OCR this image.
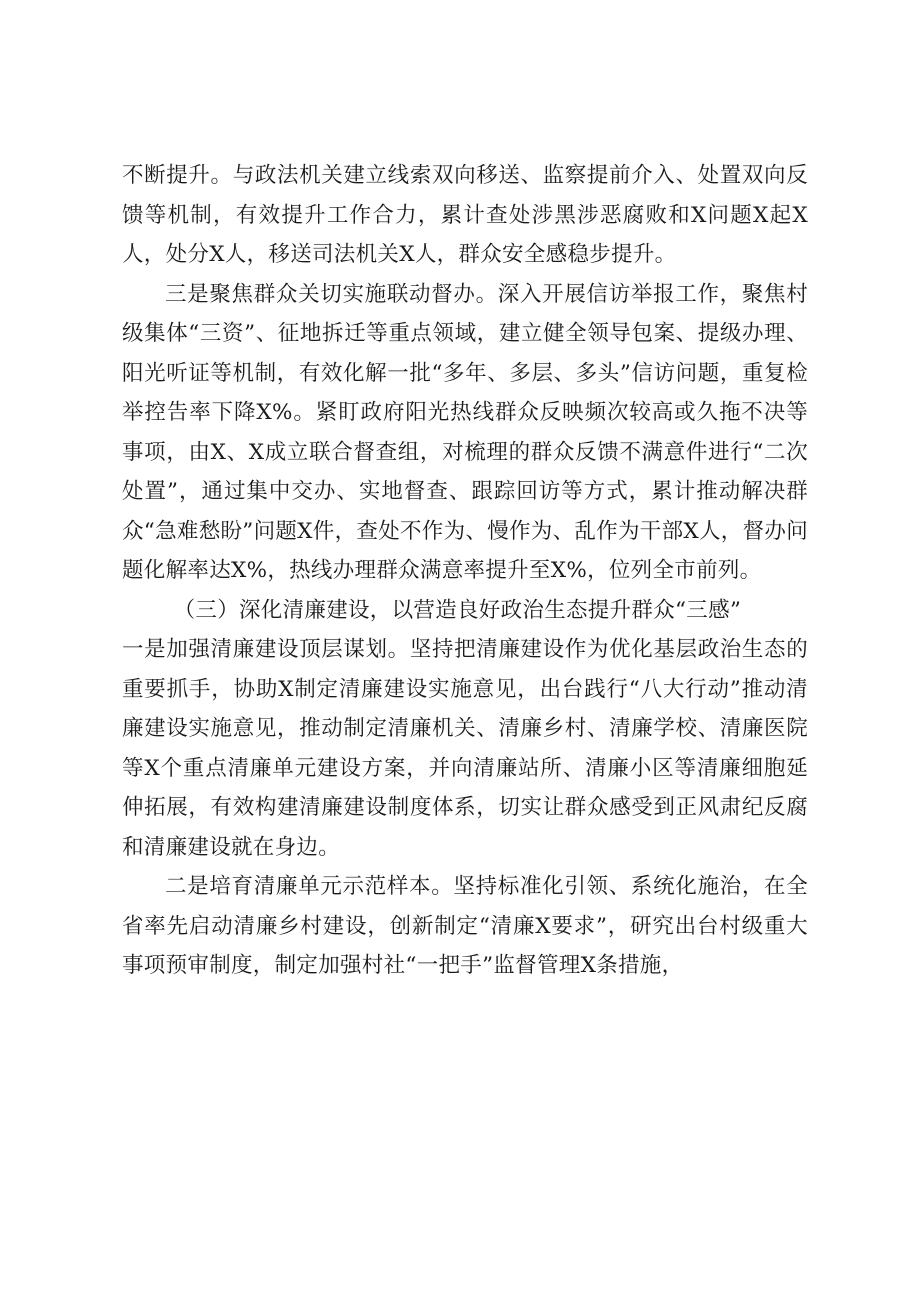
不断提升。与政法机关建立线索双向移送、监察提前介入、处置双向反馈等机制，有效提升工作合力，累计查处涉黑涉恶腐败和X问题X起X人，处分X人，移送司法机关X人，群众安全感稳步提升。

三是聚焦群众关切实施联动督办。深入开展信访举报工作，聚焦村级集体“三资”、征地拆迁等重点领域，建立健全领导包案、提级办理、阳光听证等机制，有效化解一批“多年、多层、多头”信访问题，重复检举控告率下降X%。紧盯政府阳光热线群众反映频次较高或久拖不决等事项，由X、X成立联合督查组，对梳理的群众反馈不满意件进行“二次处置”，通过集中交办、实地督查、跟踪回访等方式，累计推动解决群众“急难愁盼”问题X件，查处不作为、慢作为、乱作为干部X人，督办问题化解率达X%，热线办理群众满意率提升至X%，位列全市前列。

（三）深化清廉建设，以营造良好政治生态提升群众“三感”

一是加强清廉建设顶层谋划。坚持把清廉建设作为优化基层政治生态的重要抓手，协助X制定清廉建设实施意见，出台践行“八大行动”推动清廉建设实施意见，推动制定清廉机关、清廉乡村、清廉学校、清廉医院等X个重点清廉单元建设方案，并向清廉站所、清廉小区等清廉细胞延伸拓展，有效构建清廉建设制度体系，切实让群众感受到正风肃纪反腐和清廉建设就在身边。

二是培育清廉单元示范样本。坚持标准化引领、系统化施治，在全省率先启动清廉乡村建设，创新制定“清廉X要求”，研究出台村级重大事项预审制度，制定加强村社“一把手”监督管理X条措施，
